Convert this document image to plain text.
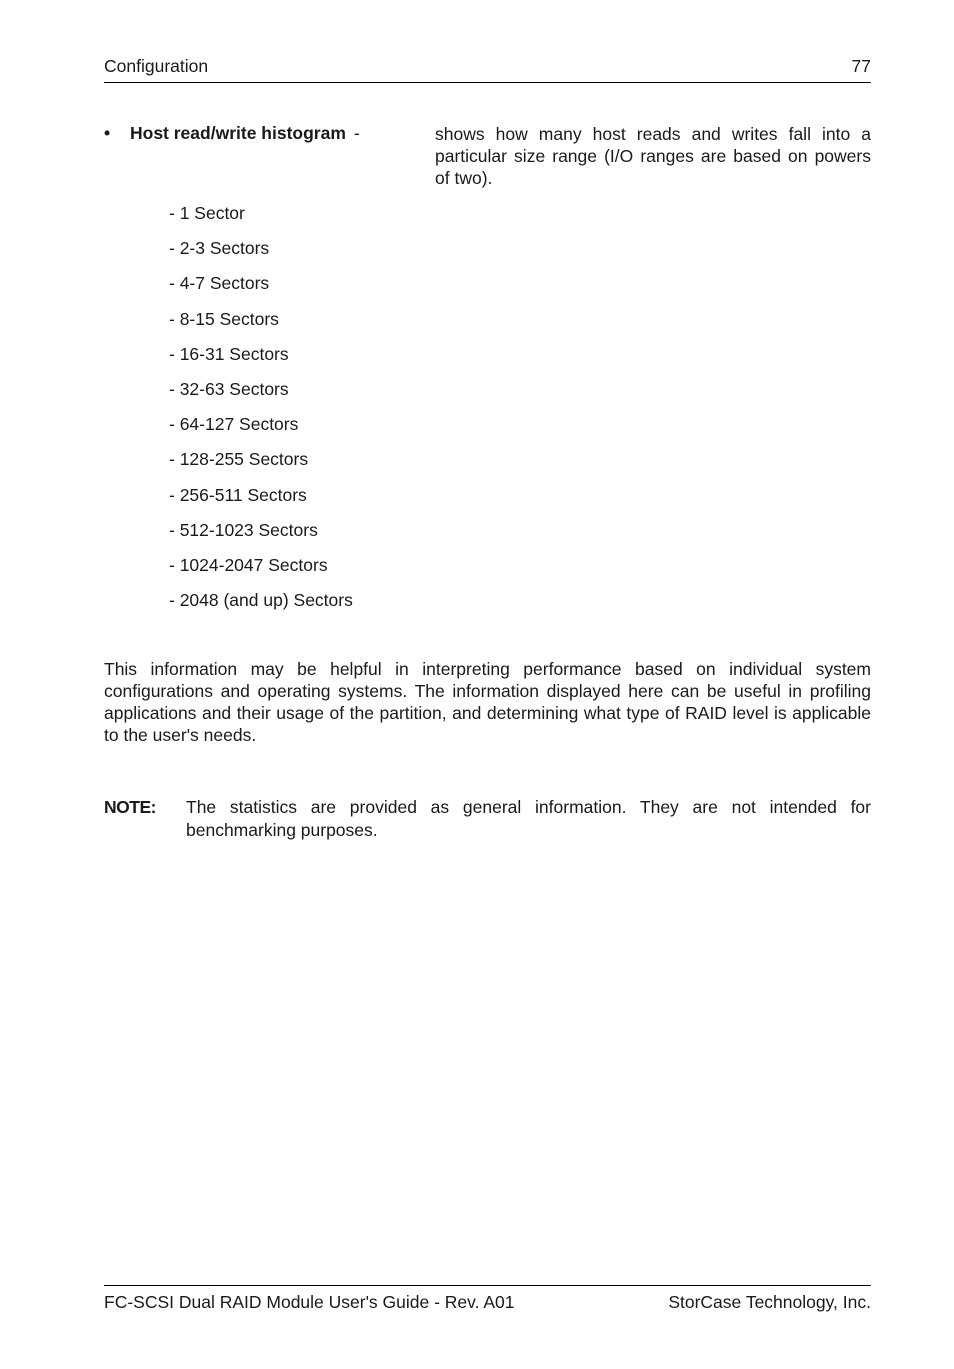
Configuration	77
• Host read/write histogram -	shows how many host reads and writes fall into a particular size range (I/O ranges are based on powers of two).
- 1 Sector
- 2-3 Sectors
- 4-7 Sectors
- 8-15 Sectors
- 16-31 Sectors
- 32-63 Sectors
- 64-127 Sectors
- 128-255 Sectors
- 256-511 Sectors
- 512-1023 Sectors
- 1024-2047 Sectors
- 2048 (and up) Sectors

This information may be helpful in interpreting performance based on individual system configurations and operating systems. The information displayed here can be useful in profiling applications and their usage of the partition, and determining what type of RAID level is applicable to the user's needs.

NOTE: The statistics are provided as general information. They are not intended for benchmarking purposes.
FC-SCSI Dual RAID Module User's Guide - Rev. A01	StorCase Technology, Inc.
